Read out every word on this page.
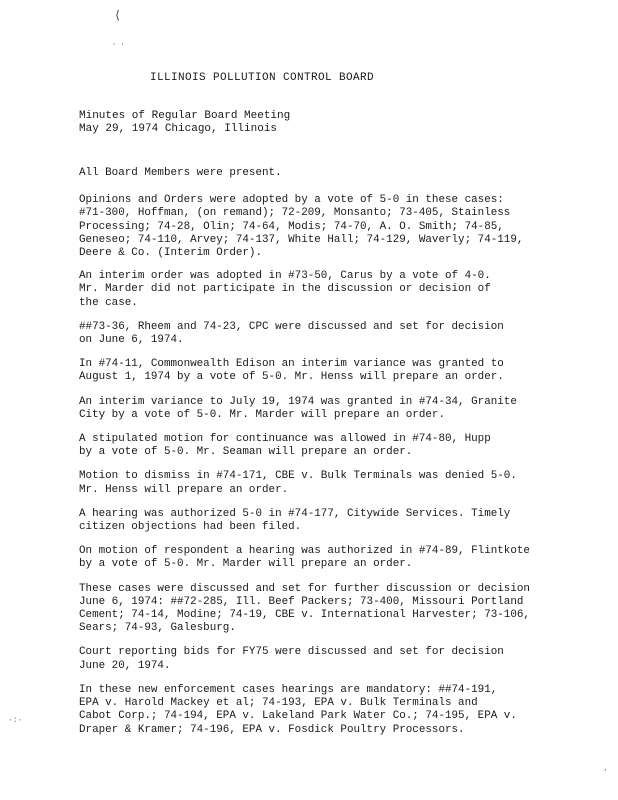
⟨
· ·
ILLINOIS POLLUTION CONTROL BOARD
Minutes of Regular Board Meeting
May 29, 1974 Chicago, Illinois

All Board Members were present.

Opinions and Orders were adopted by a vote of 5-0 in these cases:
#71-300, Hoffman, (on remand); 72-209, Monsanto; 73-405, Stainless
Processing; 74-28, Olin; 74-64, Modis; 74-70, A. O. Smith; 74-85,
Geneseo; 74-110, Arvey; 74-137, White Hall; 74-129, Waverly; 74-119,
Deere & Co. (Interim Order).

An interim order was adopted in #73-50, Carus by a vote of 4-0.
Mr. Marder did not participate in the discussion or decision of
the case.

##73-36, Rheem and 74-23, CPC were discussed and set for decision
on June 6, 1974.

In #74-11, Commonwealth Edison an interim variance was granted to
August 1, 1974 by a vote of 5-0. Mr. Henss will prepare an order.

An interim variance to July 19, 1974 was granted in #74-34, Granite
City by a vote of 5-0. Mr. Marder will prepare an order.

A stipulated motion for continuance was allowed in #74-80, Hupp
by a vote of 5-0. Mr. Seaman will prepare an order.

Motion to dismiss in #74-171, CBE v. Bulk Terminals was denied 5-0.
Mr. Henss will prepare an order.

A hearing was authorized 5-0 in #74-177, Citywide Services. Timely
citizen objections had been filed.

On motion of respondent a hearing was authorized in #74-89, Flintkote
by a vote of 5-0. Mr. Marder will prepare an order.

These cases were discussed and set for further discussion or decision
June 6, 1974: ##72-285, Ill. Beef Packers; 73-400, Missouri Portland
Cement; 74-14, Modine; 74-19, CBE v. International Harvester; 73-106,
Sears; 74-93, Galesburg.

Court reporting bids for FY75 were discussed and set for decision
June 20, 1974.

In these new enforcement cases hearings are mandatory: ##74-191,
EPA v. Harold Mackey et al; 74-193, EPA v. Bulk Terminals and
Cabot Corp.; 74-194, EPA v. Lakeland Park Water Co.; 74-195, EPA v.
Draper & Kramer; 74-196, EPA v. Fosdick Poultry Processors.

·:·
·
